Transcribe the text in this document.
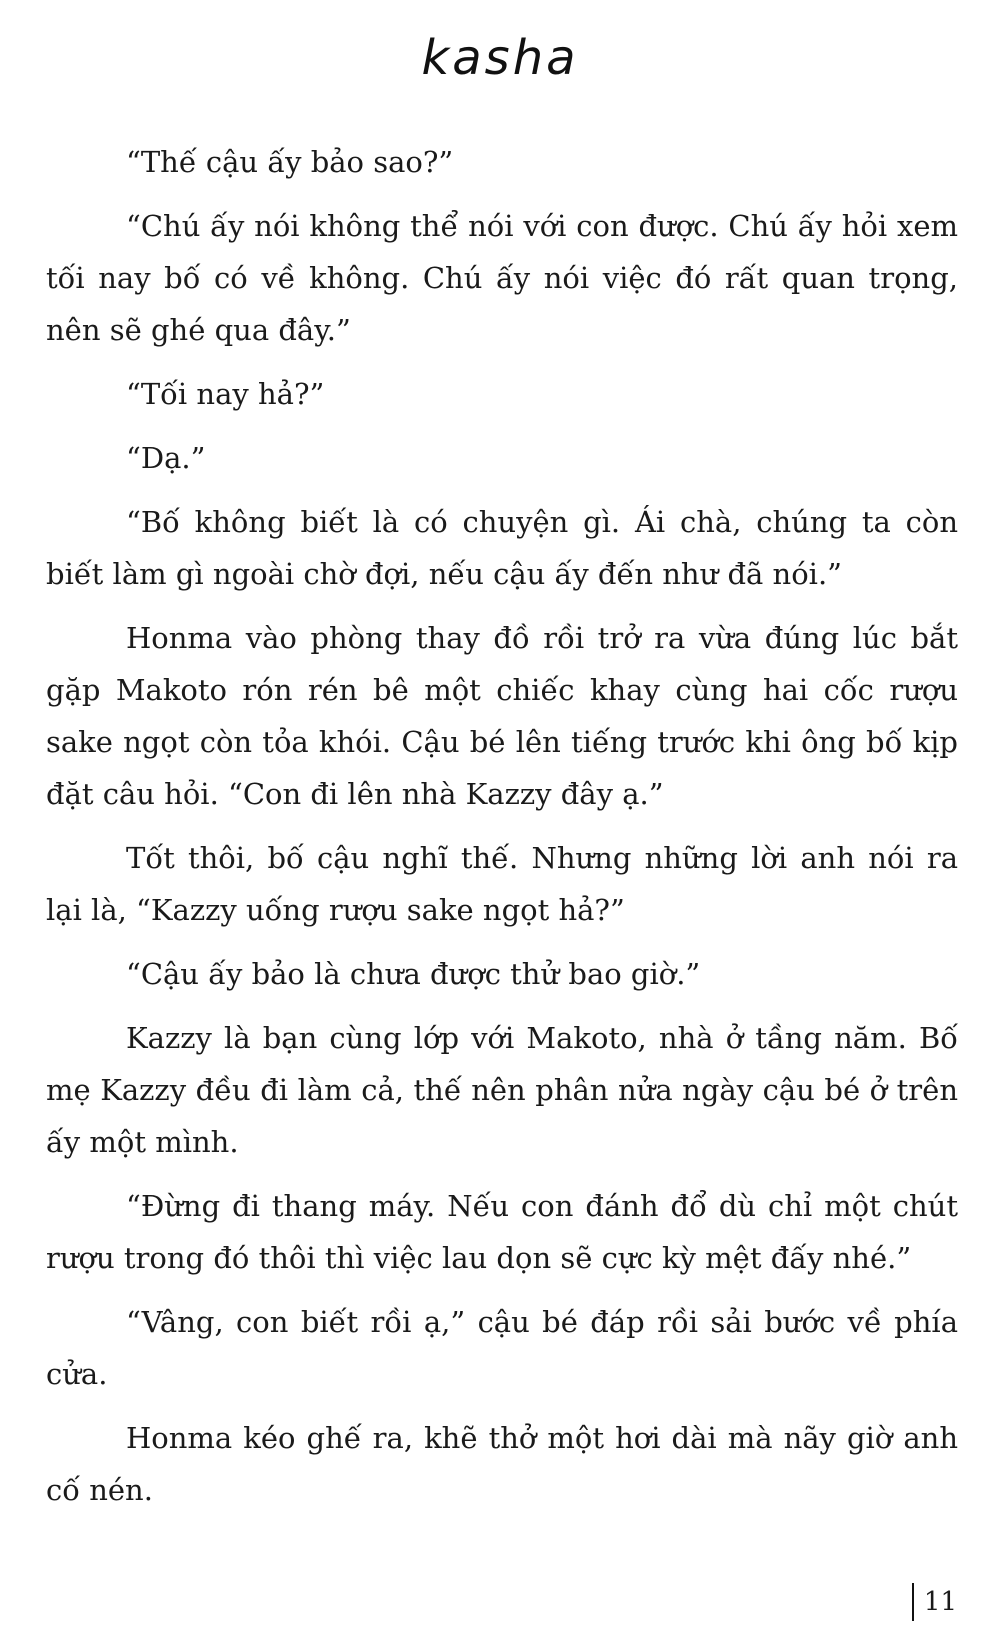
kasha

“Thế cậu ấy bảo sao?”

“Chú ấy nói không thể nói với con được. Chú ấy hỏi xem tối nay bố có về không. Chú ấy nói việc đó rất quan trọng, nên sẽ ghé qua đây.”

“Tối nay hả?”

“Dạ.”

“Bố không biết là có chuyện gì. Ái chà, chúng ta còn biết làm gì ngoài chờ đợi, nếu cậu ấy đến như đã nói.”

Honma vào phòng thay đồ rồi trở ra vừa đúng lúc bắt gặp Makoto rón rén bê một chiếc khay cùng hai cốc rượu sake ngọt còn tỏa khói. Cậu bé lên tiếng trước khi ông bố kịp đặt câu hỏi. “Con đi lên nhà Kazzy đây ạ.”

Tốt thôi, bố cậu nghĩ thế. Nhưng những lời anh nói ra lại là, “Kazzy uống rượu sake ngọt hả?”

“Cậu ấy bảo là chưa được thử bao giờ.”

Kazzy là bạn cùng lớp với Makoto, nhà ở tầng năm. Bố mẹ Kazzy đều đi làm cả, thế nên phân nửa ngày cậu bé ở trên ấy một mình.

“Đừng đi thang máy. Nếu con đánh đổ dù chỉ một chút rượu trong đó thôi thì việc lau dọn sẽ cực kỳ mệt đấy nhé.”

“Vâng, con biết rồi ạ,” cậu bé đáp rồi sải bước về phía cửa.

Honma kéo ghế ra, khẽ thở một hơi dài mà nãy giờ anh cố nén.

11
